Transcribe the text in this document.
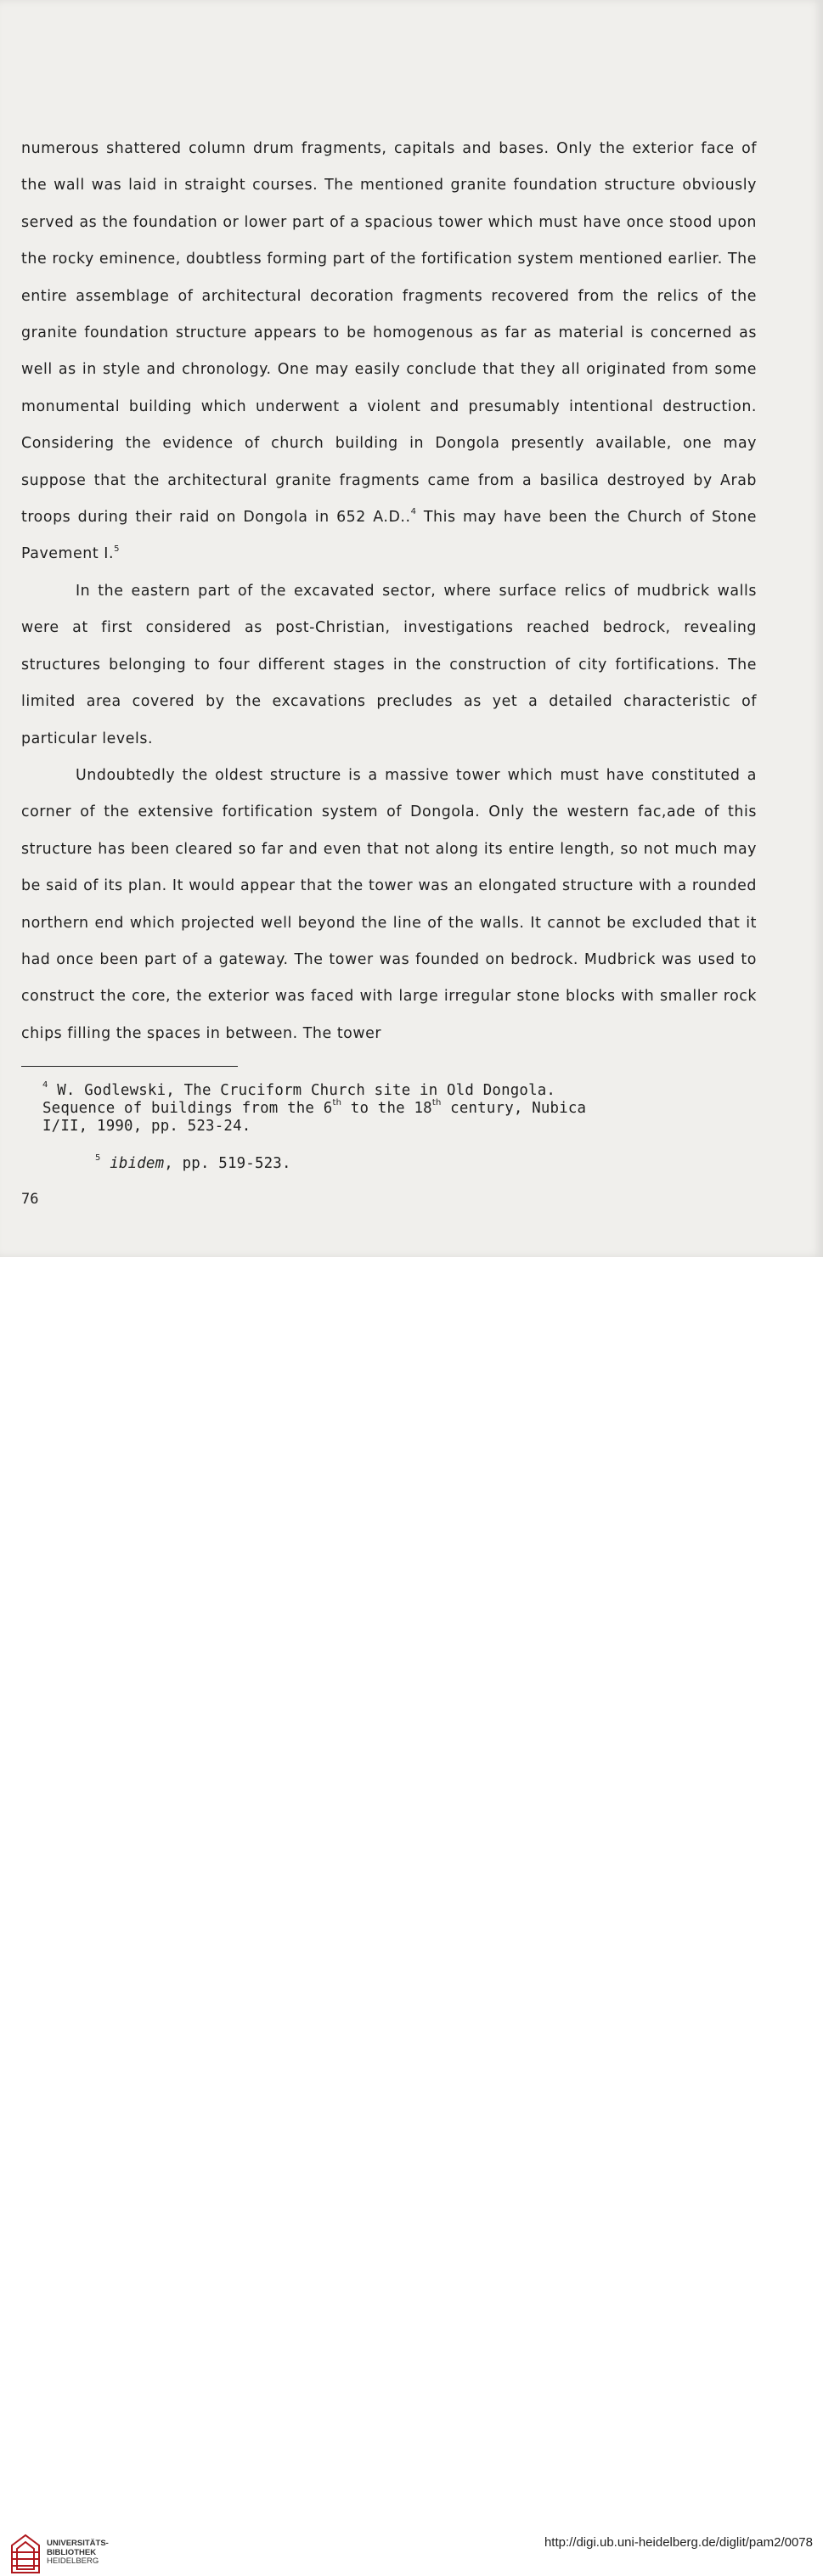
numerous shattered column drum fragments, capitals and bases. Only the exterior face of the wall was laid in straight courses. The mentioned granite foundation structure obviously served as the foundation or lower part of a spacious tower which must have once stood upon the rocky eminence, doubtless forming part of the fortification system mentioned earlier. The entire assemblage of architectural decoration fragments recovered from the relics of the granite foundation structure appears to be homogenous as far as material is concerned as well as in style and chronology. One may easily conclude that they all originated from some monumental building which underwent a violent and presumably intentional destruction. Considering the evidence of church building in Dongola presently available, one may suppose that the architectural granite fragments came from a basilica destroyed by Arab troops during their raid on Dongola in 652 A.D..$^4$ This may have been the Church of Stone Pavement I.$^5$

In the eastern part of the excavated sector, where surface relics of mudbrick walls were at first considered as post-Christian, investigations reached bedrock, revealing structures belonging to four different stages in the construction of city fortifications. The limited area covered by the excavations precludes as yet a detailed characteristic of particular levels.

Undoubtedly the oldest structure is a massive tower which must have constituted a corner of the extensive fortification system of Dongola. Only the western fac,ade of this structure has been cleared so far and even that not along its entire length, so not much may be said of its plan. It would appear that the tower was an elongated structure with a rounded northern end which projected well beyond the line of the walls. It cannot be excluded that it had once been part of a gateway. The tower was founded on bedrock. Mudbrick was used to construct the core, the exterior was faced with large irregular stone blocks with smaller rock chips filling the spaces in between. The tower

$^4$ W. Godlewski, The Cruciform Church site in Old Dongola.
Sequence of buildings from the 6th to the 18th century, Nubica
I/II, 1990, pp. 523-24.
$^5$ ibidem, pp. 519-523.
76
UNIVERSITÄTS-
BIBLIOTHEK
HEIDELBERG
http://digi.ub.uni-heidelberg.de/diglit/pam2/0078
